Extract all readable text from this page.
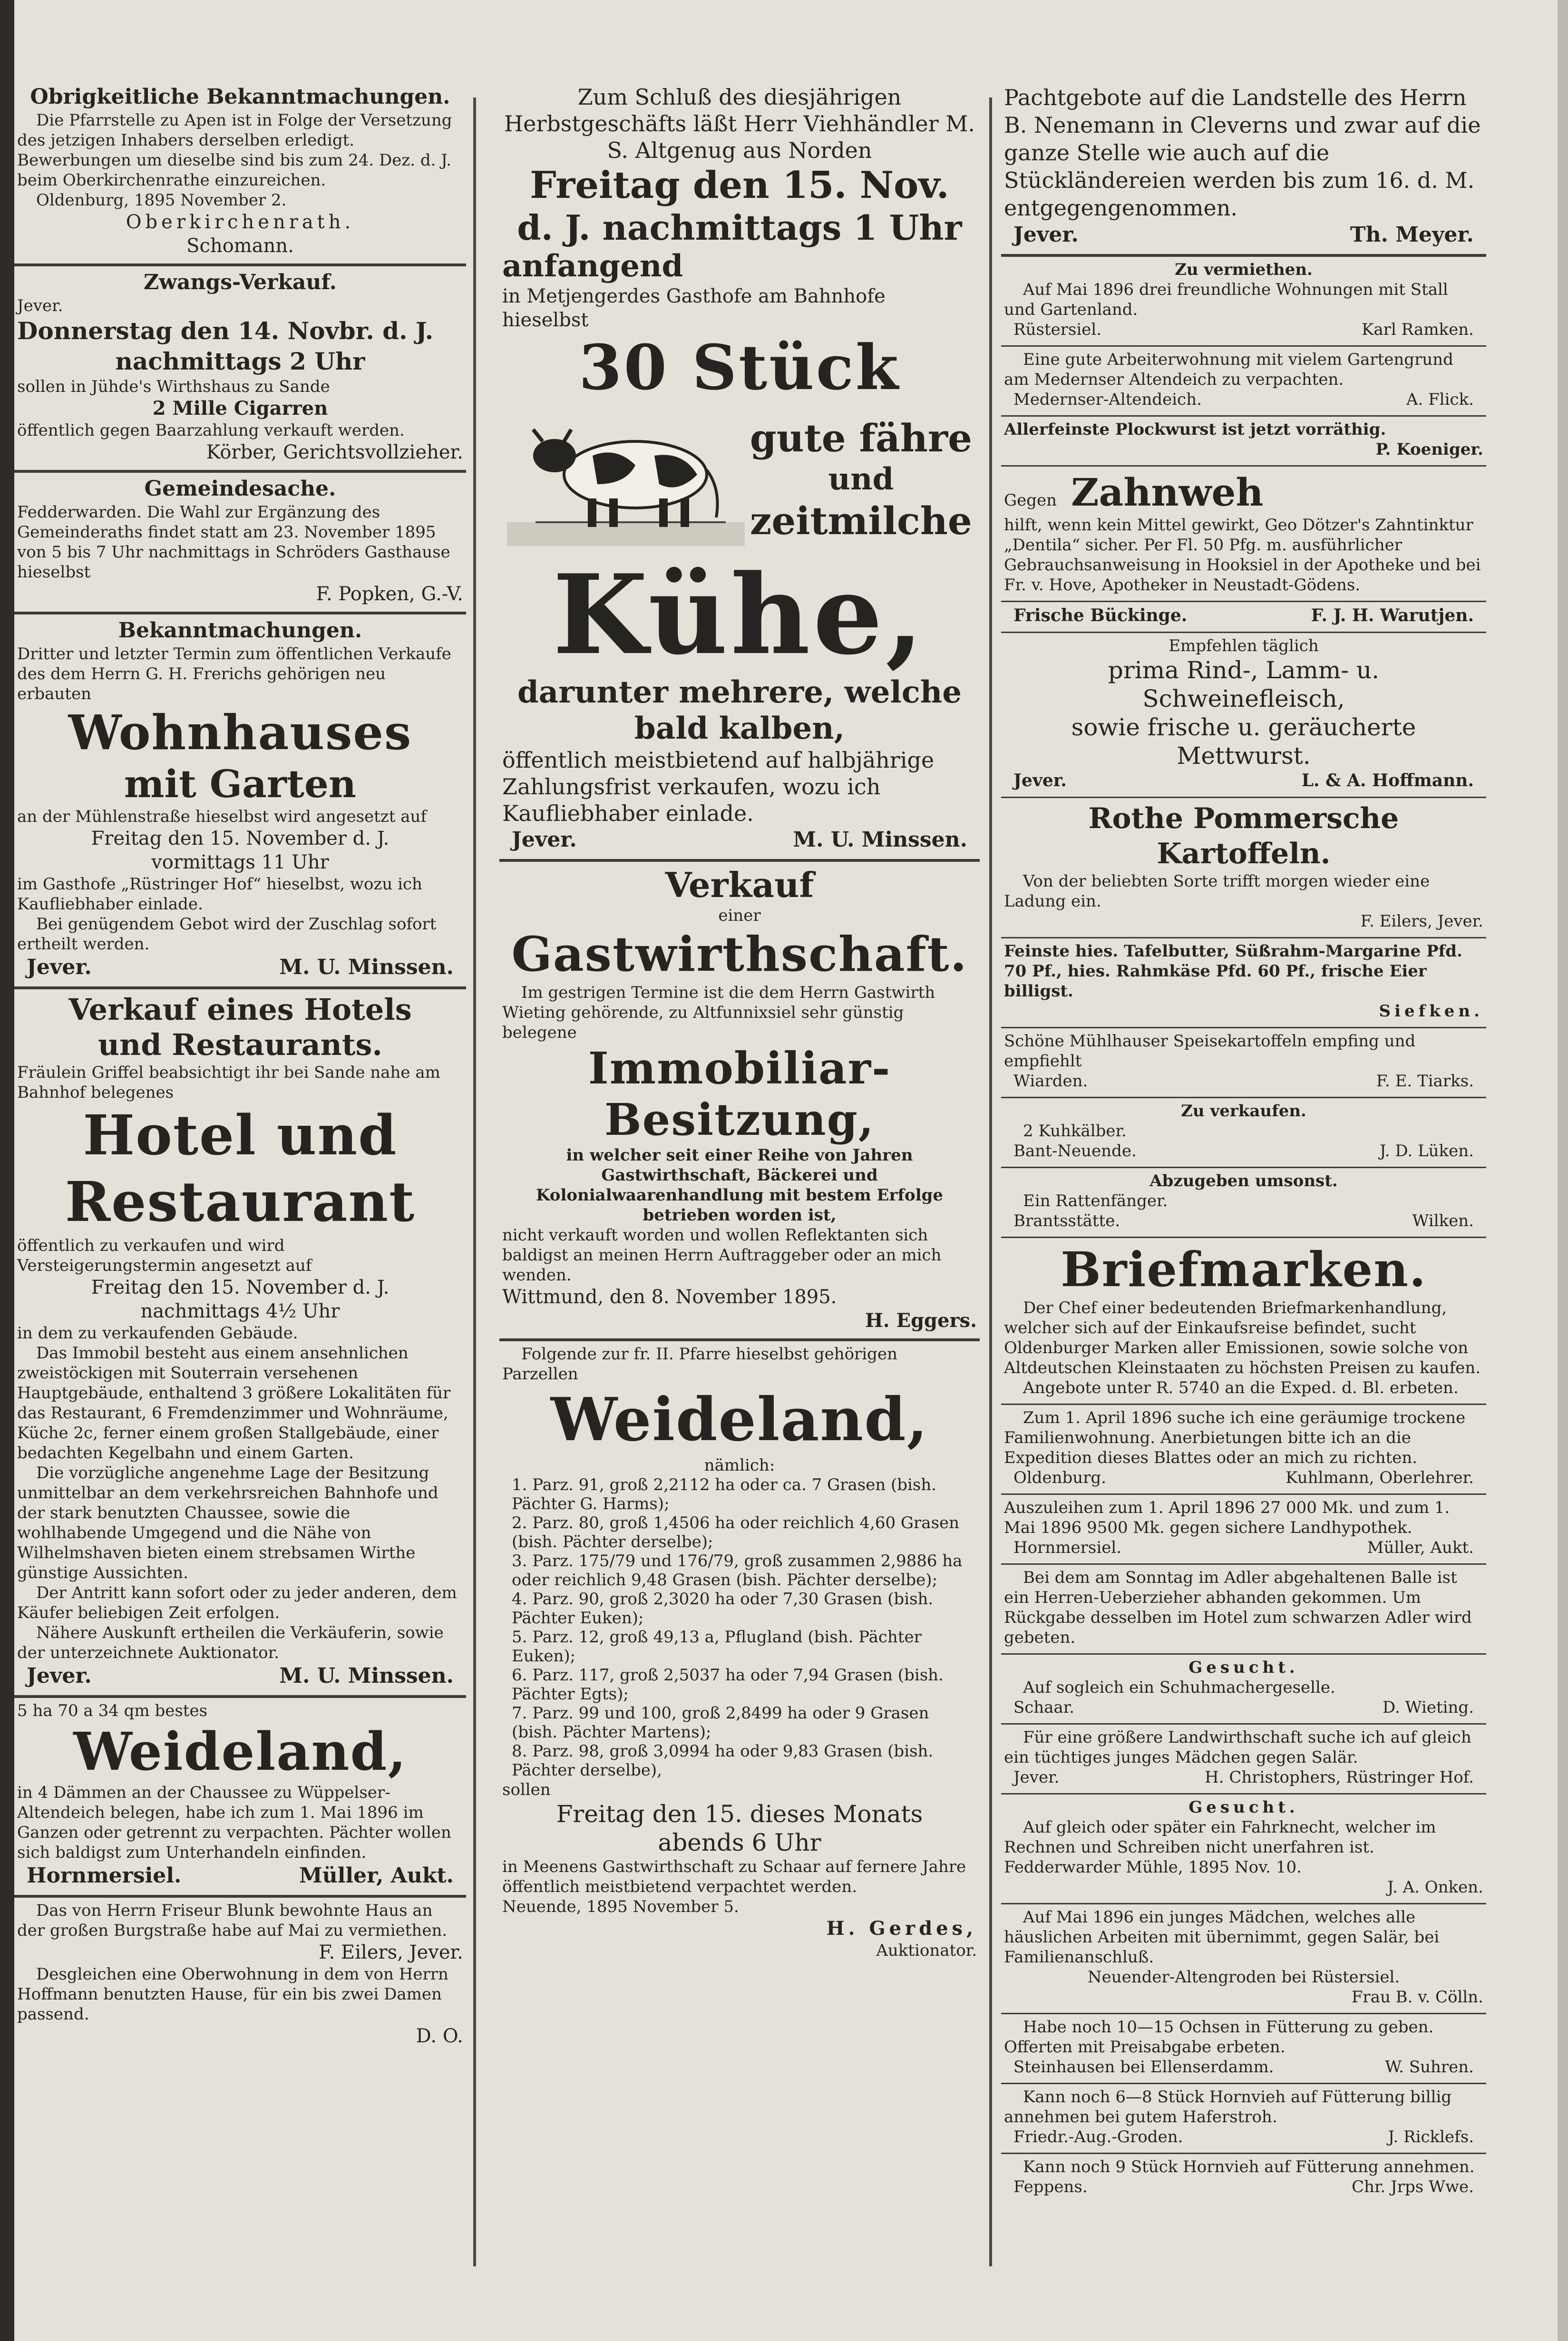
Obrigkeitliche Bekanntmachungen.
Die Pfarrstelle zu Apen ist in Folge der Versetzung des jetzigen Inhabers derselben erledigt. Bewerbungen um dieselbe sind bis zum 24. Dez. d. J. beim Oberkirchenrathe einzureichen.
Oldenburg, 1895 November 2.
Oberkirchenrath.
Schomann.
Zwangs-Verkauf.
Jever.
Donnerstag den 14. Novbr. d. J.
nachmittags 2 Uhr
sollen in Jühde's Wirthshaus zu Sande
2 Mille Cigarren
öffentlich gegen Baarzahlung verkauft werden.
Körber, Gerichtsvollzieher.
Gemeindesache.
Fedderwarden. Die Wahl zur Ergänzung des Gemeinderaths findet statt am 23. November 1895 von 5 bis 7 Uhr nachmittags in Schröders Gasthause hieselbst
F. Popken, G.-V.
Bekanntmachungen.
Dritter und letzter Termin zum öffentlichen Verkaufe des dem Herrn G. H. Frerichs gehörigen neu erbauten
Wohnhauses
mit Garten
an der Mühlenstraße hieselbst wird angesetzt auf
Freitag den 15. November d. J.
vormittags 11 Uhr
im Gasthofe „Rüstringer Hof“ hieselbst, wozu ich Kaufliebhaber einlade.
Bei genügendem Gebot wird der Zuschlag sofort ertheilt werden.
Jever.	M. U. Minssen.
Verkauf eines Hotels
und Restaurants.
Fräulein Griffel beabsichtigt ihr bei Sande nahe am Bahnhof belegenes
Hotel und
Restaurant
öffentlich zu verkaufen und wird Versteigerungstermin angesetzt auf
Freitag den 15. November d. J.
nachmittags 4½ Uhr
in dem zu verkaufenden Gebäude.
Das Immobil besteht aus einem ansehnlichen zweistöckigen mit Souterrain versehenen Hauptgebäude, enthaltend 3 größere Lokalitäten für das Restaurant, 6 Fremdenzimmer und Wohnräume, Küche 2c, ferner einem großen Stallgebäude, einer bedachten Kegelbahn und einem Garten.
Die vorzügliche angenehme Lage der Besitzung unmittelbar an dem verkehrsreichen Bahnhofe und der stark benutzten Chaussee, sowie die wohlhabende Umgegend und die Nähe von Wilhelmshaven bieten einem strebsamen Wirthe günstige Aussichten.
Der Antritt kann sofort oder zu jeder anderen, dem Käufer beliebigen Zeit erfolgen.
Nähere Auskunft ertheilen die Verkäuferin, sowie der unterzeichnete Auktionator.
Jever.	M. U. Minssen.
5 ha 70 a 34 qm bestes
Weideland,
in 4 Dämmen an der Chaussee zu Wüppelser-Altendeich belegen, habe ich zum 1. Mai 1896 im Ganzen oder getrennt zu verpachten. Pächter wollen sich baldigst zum Unterhandeln einfinden.
Hornmersiel.	Müller, Aukt.
Das von Herrn Friseur Blunk bewohnte Haus an der großen Burgstraße habe auf Mai zu vermiethen.
F. Eilers, Jever.
Desgleichen eine Oberwohnung in dem von Herrn Hoffmann benutzten Hause, für ein bis zwei Damen passend.
D. O.
Zum Schluß des diesjährigen Herbstgeschäfts läßt Herr Viehhändler M. S. Altgenug aus Norden
Freitag den 15. Nov.
d. J. nachmittags 1 Uhr
anfangend
in Metjengerdes Gasthofe am Bahnhofe hieselbst
30 Stück
gute fähre
und
zeitmilche
Kühe,
darunter mehrere, welche
bald kalben,
öffentlich meistbietend auf halbjährige Zahlungsfrist verkaufen, wozu ich Kaufliebhaber einlade.
Jever.	M. U. Minssen.
Verkauf
einer
Gastwirthschaft.
Im gestrigen Termine ist die dem Herrn Gastwirth Wieting gehörende, zu Altfunnixsiel sehr günstig belegene
Immobiliar-
Besitzung,
in welcher seit einer Reihe von Jahren Gastwirthschaft, Bäckerei und Kolonialwaarenhandlung mit bestem Erfolge betrieben worden ist,
nicht verkauft worden und wollen Reflektanten sich baldigst an meinen Herrn Auftraggeber oder an mich wenden.
Wittmund, den 8. November 1895.
H. Eggers.
Folgende zur fr. II. Pfarre hieselbst gehörigen Parzellen
Weideland,
nämlich:
1. Parz. 91, groß 2,2112 ha oder ca. 7 Grasen (bish. Pächter G. Harms);
2. Parz. 80, groß 1,4506 ha oder reichlich 4,60 Grasen (bish. Pächter derselbe);
3. Parz. 175/79 und 176/79, groß zusammen 2,9886 ha oder reichlich 9,48 Grasen (bish. Pächter derselbe);
4. Parz. 90, groß 2,3020 ha oder 7,30 Grasen (bish. Pächter Euken);
5. Parz. 12, groß 49,13 a, Pflugland (bish. Pächter Euken);
6. Parz. 117, groß 2,5037 ha oder 7,94 Grasen (bish. Pächter Egts);
7. Parz. 99 und 100, groß 2,8499 ha oder 9 Grasen (bish. Pächter Martens);
8. Parz. 98, groß 3,0994 ha oder 9,83 Grasen (bish. Pächter derselbe),
sollen
Freitag den 15. dieses Monats
abends 6 Uhr
in Meenens Gastwirthschaft zu Schaar auf fernere Jahre öffentlich meistbietend verpachtet werden.
Neuende, 1895 November 5.
H. Gerdes,
Auktionator.
Pachtgebote auf die Landstelle des Herrn B. Nenemann in Cleverns und zwar auf die ganze Stelle wie auch auf die Stückländereien werden bis zum 16. d. M. entgegengenommen.
Jever.	Th. Meyer.
Zu vermiethen.
Auf Mai 1896 drei freundliche Wohnungen mit Stall und Gartenland.
Rüstersiel.	Karl Ramken.
Eine gute Arbeiterwohnung mit vielem Gartengrund am Medernser Altendeich zu verpachten.
Medernser-Altendeich.	A. Flick.
Allerfeinste Plockwurst ist jetzt vorräthig.
P. Koeniger.
Gegen Zahnweh
hilft, wenn kein Mittel gewirkt, Geo Dötzer's Zahntinktur „Dentila“ sicher. Per Fl. 50 Pfg. m. ausführlicher Gebrauchsanweisung in Hooksiel in der Apotheke und bei Fr. v. Hove, Apotheker in Neustadt-Gödens.
Frische Bückinge.	F. J. H. Warutjen.
Empfehlen täglich
prima Rind-, Lamm- u. Schweinefleisch,
sowie frische u. geräucherte Mettwurst.
Jever.	L. & A. Hoffmann.
Rothe Pommersche Kartoffeln.
Von der beliebten Sorte trifft morgen wieder eine Ladung ein.
F. Eilers, Jever.
Feinste hies. Tafelbutter, Süßrahm-Margarine Pfd. 70 Pf., hies. Rahmkäse Pfd. 60 Pf., frische Eier billigst.
Siefken.
Schöne Mühlhauser Speisekartoffeln empfing und empfiehlt
Wiarden.	F. E. Tiarks.
Zu verkaufen.
2 Kuhkälber.
Bant-Neuende.	J. D. Lüken.
Abzugeben umsonst.
Ein Rattenfänger.
Brantsstätte.	Wilken.
Briefmarken.
Der Chef einer bedeutenden Briefmarkenhandlung, welcher sich auf der Einkaufsreise befindet, sucht Oldenburger Marken aller Emissionen, sowie solche von Altdeutschen Kleinstaaten zu höchsten Preisen zu kaufen.
Angebote unter R. 5740 an die Exped. d. Bl. erbeten.
Zum 1. April 1896 suche ich eine geräumige trockene Familienwohnung. Anerbietungen bitte ich an die Expedition dieses Blattes oder an mich zu richten.
Oldenburg.	Kuhlmann, Oberlehrer.
Auszuleihen zum 1. April 1896 27 000 Mk. und zum 1. Mai 1896 9500 Mk. gegen sichere Landhypothek.
Hornmersiel.	Müller, Aukt.
Bei dem am Sonntag im Adler abgehaltenen Balle ist ein Herren-Ueberzieher abhanden gekommen. Um Rückgabe desselben im Hotel zum schwarzen Adler wird gebeten.
Gesucht.
Auf sogleich ein Schuhmachergeselle.
Schaar.	D. Wieting.
Für eine größere Landwirthschaft suche ich auf gleich ein tüchtiges junges Mädchen gegen Salär.
Jever.	H. Christophers, Rüstringer Hof.
Gesucht.
Auf gleich oder später ein Fahrknecht, welcher im Rechnen und Schreiben nicht unerfahren ist.
Fedderwarder Mühle, 1895 Nov. 10.
J. A. Onken.
Auf Mai 1896 ein junges Mädchen, welches alle häuslichen Arbeiten mit übernimmt, gegen Salär, bei Familienanschluß.
Neuender-Altengroden bei Rüstersiel.
Frau B. v. Cölln.
Habe noch 10—15 Ochsen in Fütterung zu geben. Offerten mit Preisabgabe erbeten.
Steinhausen bei Ellenserdamm.	W. Suhren.
Kann noch 6—8 Stück Hornvieh auf Fütterung billig annehmen bei gutem Haferstroh.
Friedr.-Aug.-Groden.	J. Ricklefs.
Kann noch 9 Stück Hornvieh auf Fütterung annehmen.
Feppens.	Chr. Jrps Wwe.
